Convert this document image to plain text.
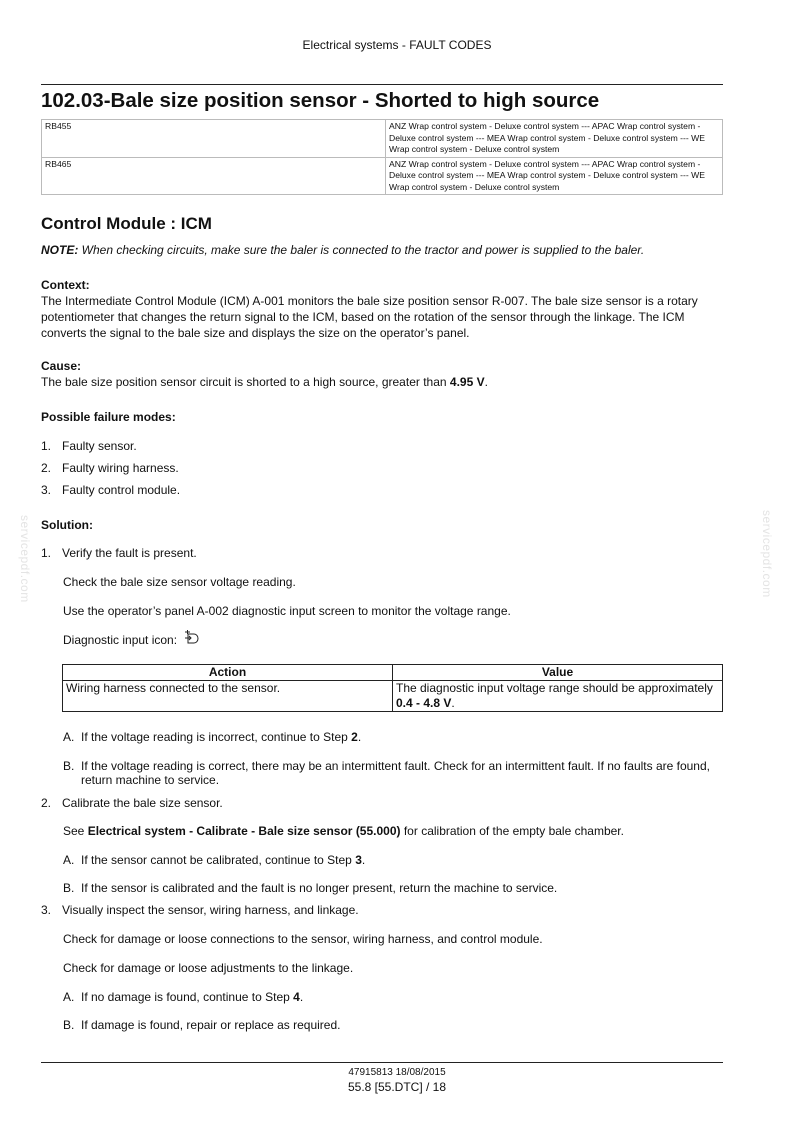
Electrical systems - FAULT CODES
102.03-Bale size position sensor - Shorted to high source
RB455	ANZ Wrap control system - Deluxe control system --- APAC Wrap control system - Deluxe control system --- MEA Wrap control system - Deluxe control system --- WE Wrap control system - Deluxe control system
RB465	ANZ Wrap control system - Deluxe control system --- APAC Wrap control system - Deluxe control system --- MEA Wrap control system - Deluxe control system --- WE Wrap control system - Deluxe control system
Control Module : ICM
NOTE: When checking circuits, make sure the baler is connected to the tractor and power is supplied to the baler.
Context:
The Intermediate Control Module (ICM) A-001 monitors the bale size position sensor R-007. The bale size sensor is a rotary potentiometer that changes the return signal to the ICM, based on the rotation of the sensor through the linkage. The ICM converts the signal to the bale size and displays the size on the operator’s panel.
Cause:
The bale size position sensor circuit is shorted to a high source, greater than 4.95 V.
Possible failure modes:
1. Faulty sensor.
2. Faulty wiring harness.
3. Faulty control module.
Solution:
1. Verify the fault is present.
Check the bale size sensor voltage reading.
Use the operator’s panel A-002 diagnostic input screen to monitor the voltage range.
Diagnostic input icon:
Action	Value
Wiring harness connected to the sensor.	The diagnostic input voltage range should be approximately 0.4 - 4.8 V.
A. If the voltage reading is incorrect, continue to Step 2.
B. If the voltage reading is correct, there may be an intermittent fault. Check for an intermittent fault. If no faults are found, return machine to service.
2. Calibrate the bale size sensor.
See Electrical system - Calibrate - Bale size sensor (55.000) for calibration of the empty bale chamber.
A. If the sensor cannot be calibrated, continue to Step 3.
B. If the sensor is calibrated and the fault is no longer present, return the machine to service.
3. Visually inspect the sensor, wiring harness, and linkage.
Check for damage or loose connections to the sensor, wiring harness, and control module.
Check for damage or loose adjustments to the linkage.
A. If no damage is found, continue to Step 4.
B. If damage is found, repair or replace as required.
servicepdf.com	servicepdf.com
47915813 18/08/2015
55.8 [55.DTC] / 18
